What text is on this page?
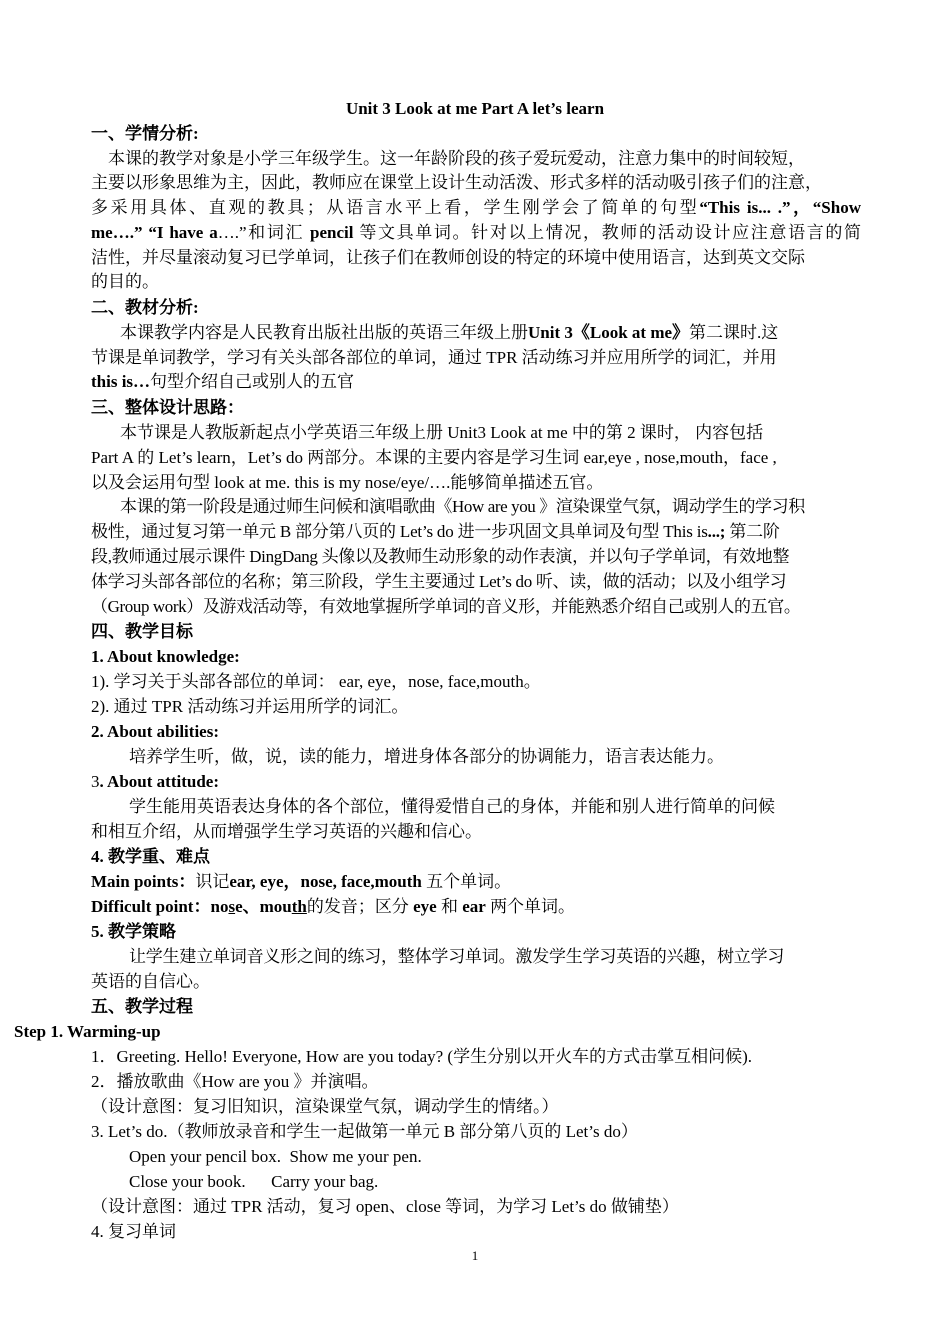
Unit 3 Look at me Part A let’s learn
一、学情分析:
本课的教学对象是小学三年级学生。这一年龄阶段的孩子爱玩爱动，注意力集中的时间较短，
主要以形象思维为主，因此，教师应在课堂上设计生动活泼、形式多样的活动吸引孩子们的注意，
多采用具体、直观的教具；从语言水平上看，学生刚学会了简单的句型“This is... .”，“Show
me….” “I have a….”和词汇 pencil 等文具单词。针对以上情况，教师的活动设计应注意语言的简
洁性，并尽量滚动复习已学单词，让孩子们在教师创设的特定的环境中使用语言，达到英文交际
的目的。
二、教材分析:
本课教学内容是人民教育出版社出版的英语三年级上册Unit 3《Look at me》第二课时.这
节课是单词教学，学习有关头部各部位的单词，通过 TPR 活动练习并应用所学的词汇，并用
this is…句型介绍自己或别人的五官
三、整体设计思路：
本节课是人教版新起点小学英语三年级上册 Unit3 Look at me 中的第 2 课时， 内容包括
Part A 的 Let’s learn，Let’s do 两部分。本课的主要内容是学习生词 ear,eye , nose,mouth，face ,
以及会运用句型 look at me. this is my nose/eye/….能够简单描述五官。
本课的第一阶段是通过师生问候和演唱歌曲《How are you 》渲染课堂气氛，调动学生的学习积
极性，通过复习第一单元 B 部分第八页的 Let’s do 进一步巩固文具单词及句型 This is...; 第二阶
段,教师通过展示课件 DingDang 头像以及教师生动形象的动作表演，并以句子学单词，有效地整
体学习头部各部位的名称；第三阶段，学生主要通过 Let’s do 听、读，做的活动；以及小组学习
（Group work）及游戏活动等，有效地掌握所学单词的音义形，并能熟悉介绍自己或别人的五官。
四、教学目标
1. About knowledge:
1). 学习关于头部各部位的单词： ear, eye，nose, face,mouth。
2). 通过 TPR 活动练习并运用所学的词汇。
2. About abilities:
培养学生听，做，说，读的能力，增进身体各部分的协调能力，语言表达能力。
3. About attitude:
学生能用英语表达身体的各个部位，懂得爱惜自己的身体，并能和别人进行简单的问候
和相互介绍，从而增强学生学习英语的兴趣和信心。
4. 教学重、难点
Main points：识记ear, eye，nose, face,mouth 五个单词。
Difficult point：nose、mouth的发音；区分 eye 和 ear 两个单词。
5. 教学策略
让学生建立单词音义形之间的练习，整体学习单词。激发学生学习英语的兴趣，树立学习
英语的自信心。
五、教学过程
Step 1. Warming-up
1．Greeting. Hello! Everyone, How are you today? (学生分别以开火车的方式击掌互相问候).
2．播放歌曲《How are you 》并演唱。
（设计意图：复习旧知识，渲染课堂气氛，调动学生的情绪。）
3. Let’s do.（教师放录音和学生一起做第一单元 B 部分第八页的 Let’s do）
Open your pencil box.  Show me your pen.
Close your book.      Carry your bag.
（设计意图：通过 TPR 活动，复习 open、close 等词，为学习 Let’s do 做铺垫）
4. 复习单词
1
